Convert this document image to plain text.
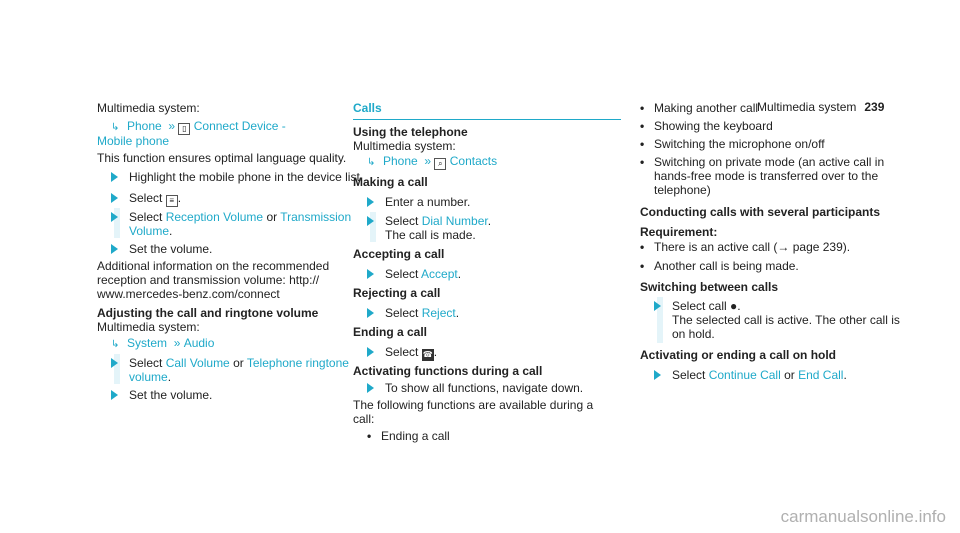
Multimedia system 239
Multimedia system:
↳ Phone  » ▯ Connect Device -
Mobile phone
This function ensures optimal language quality.
Highlight the mobile phone in the device list.
Select ≡ .
Select Reception Volume or Transmission
Volume.
Set the volume.
Additional information on the recommended
reception and transmission volume: http://
www.mercedes-benz.com/connect
Adjusting the call and ringtone volume
Multimedia system:
↳ System  » Audio
Select Call Volume or Telephone ringtone
volume.
Set the volume.
Calls
Using the telephone
Multimedia system:
↳ Phone  » ⌕ Contacts
Making a call
Enter a number.
Select Dial Number.
The call is made.
Accepting a call
Select Accept.
Rejecting a call
Select Reject.
Ending a call
Select ☎.
Activating functions during a call
To show all functions, navigate down.
The following functions are available during a
call:
• Ending a call
• Making another call
• Showing the keyboard
• Switching the microphone on/off
• Switching on private mode (an active call in
hands-free mode is transferred over to the
telephone)
Conducting calls with several participants
Requirement:
• There is an active call (→ page 239).
• Another call is being made.
Switching between calls
Select call ●.
The selected call is active. The other call is
on hold.
Activating or ending a call on hold
Select Continue Call or End Call.
carmanualsonline.info
